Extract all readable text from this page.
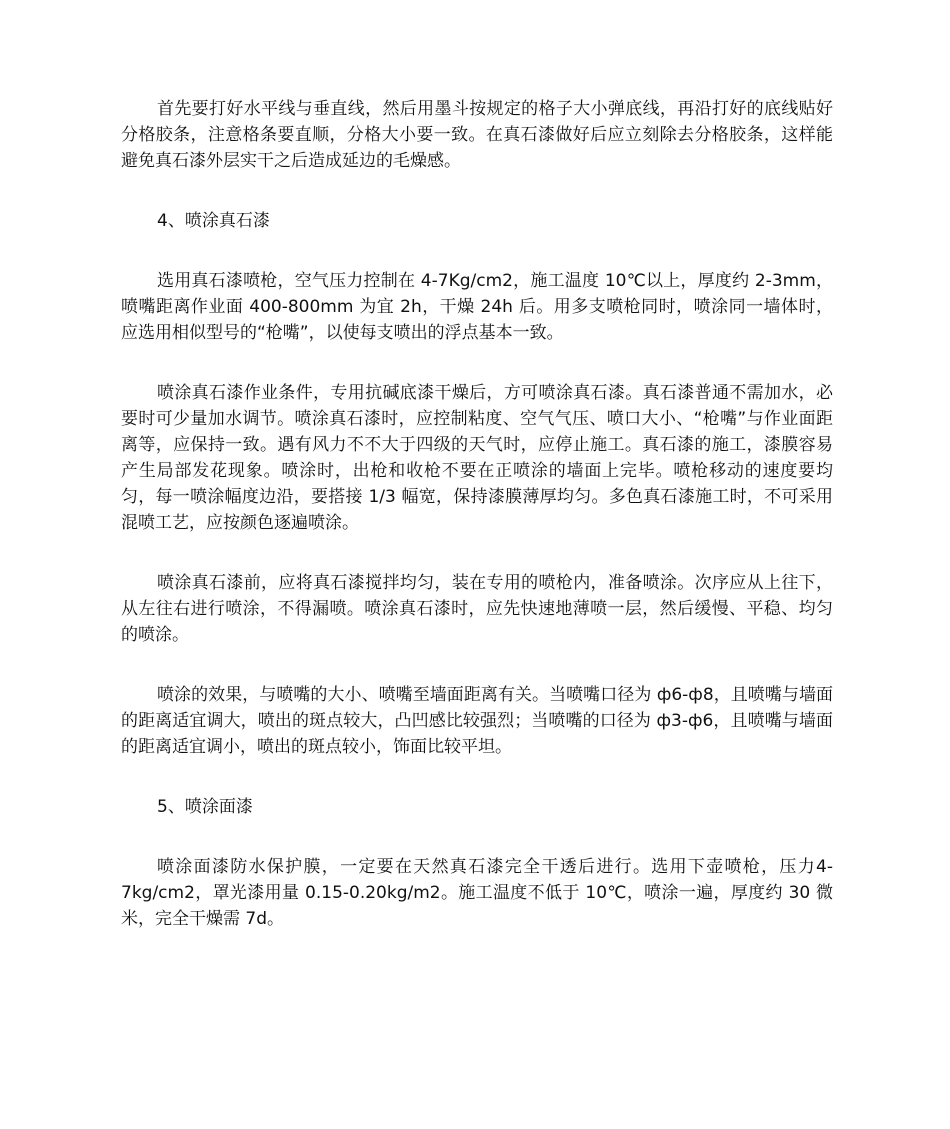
首先要打好水平线与垂直线，然后用墨斗按规定的格子大小弹底线，再沿打好的底线贴好分格胶条，注意格条要直顺，分格大小要一致。在真石漆做好后应立刻除去分格胶条，这样能避免真石漆外层实干之后造成延边的毛燥感。

4、喷涂真石漆

选用真石漆喷枪，空气压力控制在 4-7Kg/cm2，施工温度 10℃以上，厚度约 2-3mm，喷嘴距离作业面 400-800mm 为宜 2h，干燥 24h 后。用多支喷枪同时，喷涂同一墙体时，应选用相似型号的“枪嘴”，以使每支喷出的浮点基本一致。

喷涂真石漆作业条件，专用抗碱底漆干燥后，方可喷涂真石漆。真石漆普通不需加水，必要时可少量加水调节。喷涂真石漆时，应控制粘度、空气气压、喷口大小、“枪嘴”与作业面距离等，应保持一致。遇有风力不不大于四级的天气时，应停止施工。真石漆的施工，漆膜容易产生局部发花现象。喷涂时，出枪和收枪不要在正喷涂的墙面上完毕。喷枪移动的速度要均匀，每一喷涂幅度边沿，要搭接 1/3 幅宽，保持漆膜薄厚均匀。多色真石漆施工时，不可采用混喷工艺，应按颜色逐遍喷涂。

喷涂真石漆前，应将真石漆搅拌均匀，装在专用的喷枪内，准备喷涂。次序应从上往下，从左往右进行喷涂，不得漏喷。喷涂真石漆时，应先快速地薄喷一层，然后缓慢、平稳、均匀的喷涂。

喷涂的效果，与喷嘴的大小、喷嘴至墙面距离有关。当喷嘴口径为 ф6-ф8，且喷嘴与墙面的距离适宜调大，喷出的斑点较大，凸凹感比较强烈；当喷嘴的口径为 ф3-ф6，且喷嘴与墙面的距离适宜调小，喷出的斑点较小，饰面比较平坦。

5、喷涂面漆

喷涂面漆防水保护膜，一定要在天然真石漆完全干透后进行。选用下壶喷枪，压力4-7kg/cm2，罩光漆用量 0.15-0.20kg/m2。施工温度不低于 10℃，喷涂一遍，厚度约 30 微米，完全干燥需 7d。
